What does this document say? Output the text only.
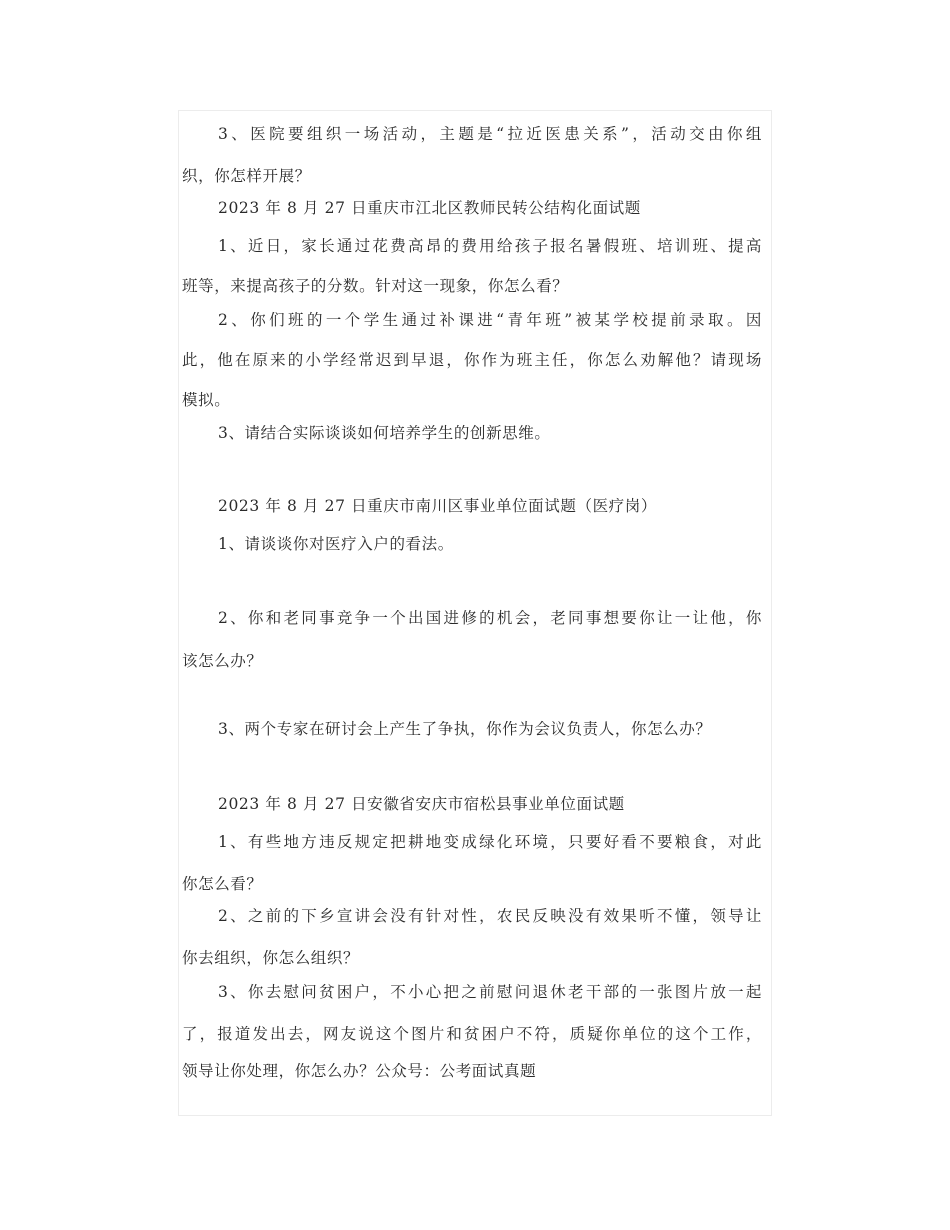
3、医院要组织一场活动，主题是“拉近医患关系”，活动交由你组
织，你怎样开展？
2023 年 8 月 27 日重庆市江北区教师民转公结构化面试题
1、近日，家长通过花费高昂的费用给孩子报名暑假班、培训班、提高
班等，来提高孩子的分数。针对这一现象，你怎么看？
2、你们班的一个学生通过补课进“青年班”被某学校提前录取。因
此，他在原来的小学经常迟到早退，你作为班主任，你怎么劝解他？请现场
模拟。
3、请结合实际谈谈如何培养学生的创新思维。
2023 年 8 月 27 日重庆市南川区事业单位面试题（医疗岗）
1、请谈谈你对医疗入户的看法。
2、你和老同事竞争一个出国进修的机会，老同事想要你让一让他，你
该怎么办？
3、两个专家在研讨会上产生了争执，你作为会议负责人，你怎么办？
2023 年 8 月 27 日安徽省安庆市宿松县事业单位面试题
1、有些地方违反规定把耕地变成绿化环境，只要好看不要粮食，对此
你怎么看？
2、之前的下乡宣讲会没有针对性，农民反映没有效果听不懂，领导让
你去组织，你怎么组织？
3、你去慰问贫困户，不小心把之前慰问退休老干部的一张图片放一起
了，报道发出去，网友说这个图片和贫困户不符，质疑你单位的这个工作，
领导让你处理，你怎么办？公众号：公考面试真题
